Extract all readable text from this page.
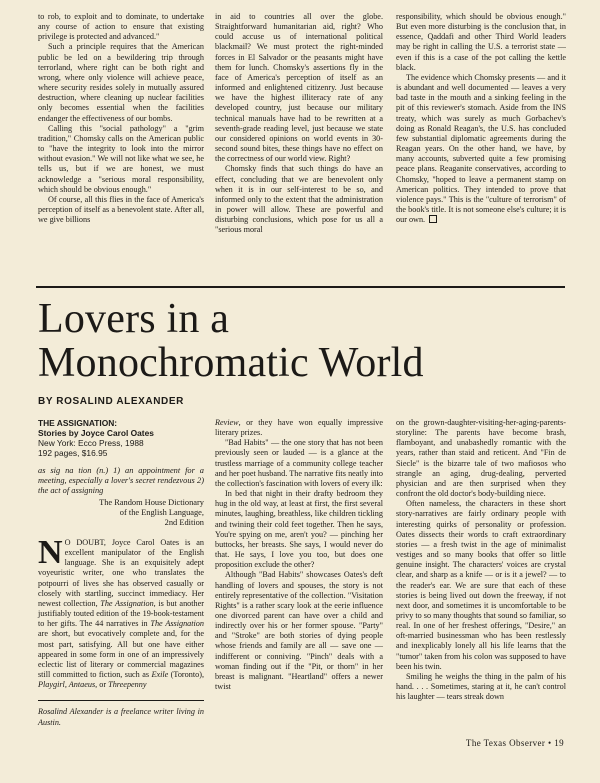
to rob, to exploit and to dominate, to undertake any course of action to ensure that existing privilege is protected and advanced."

Such a principle requires that the American public be led on a bewildering trip through terrorland, where right can be both right and wrong, where only violence will achieve peace, where security resides solely in mutually assured destruction, where cleaning up nuclear facilities only becomes essential when the facilities endanger the effectiveness of our bombs.

Calling this "social pathology" a "grim tradition," Chomsky calls on the American public to "have the integrity to look into the mirror without evasion." We will not like what we see, he tells us, but if we are honest, we must acknowledge a "serious moral responsibility, which should be obvious enough."

Of course, all this flies in the face of America's perception of itself as a benevolent state. After all, we give billions

in aid to countries all over the globe. Straightforward humanitarian aid, right? Who could accuse us of international political blackmail? We must protect the right-minded forces in El Salvador or the peasants might have them for lunch. Chomsky's assertions fly in the face of America's perception of itself as an informed and enlightened citizenry. Just because we have the highest illiteracy rate of any developed country, just because our military technical manuals have had to be rewritten at a seventh-grade reading level, just because we state our considered opinions on world events in 30-second sound bites, these things have no effect on the correctness of our world view. Right?

Chomsky finds that such things do have an effect, concluding that we are benevolent only when it is in our self-interest to be so, and informed only to the extent that the administration in power will allow. These are powerful and disturbing conclusions, which pose for us all a "serious moral

responsibility, which should be obvious enough." But even more disturbing is the conclusion that, in essence, Qaddafi and other Third World leaders may be right in calling the U.S. a terrorist state — even if this is a case of the pot calling the kettle black.

The evidence which Chomsky presents — and it is abundant and well documented — leaves a very bad taste in the mouth and a sinking feeling in the pit of this reviewer's stomach. Aside from the INS treaty, which was surely as much Gorbachev's doing as Ronald Reagan's, the U.S. has concluded few substantial diplomatic agreements during the Reagan years. On the other hand, we have, by many accounts, subverted quite a few promising peace plans. Reaganite conservatives, according to Chomsky, "hoped to leave a permanent stamp on American politics. They intended to prove that violence pays." This is the "culture of terrorism" of the book's title. It is not someone else's culture; it is our own.

Lovers in a
Monochromatic World
BY ROSALIND ALEXANDER
THE ASSIGNATION:
Stories by Joyce Carol Oates
New York: Ecco Press, 1988
192 pages, $16.95
as sig na tion (n.) 1) an appointment for a meeting, especially a lover's secret rendezvous 2) the act of assigning
The Random House Dictionary
of the English Language,
2nd Edition

N O DOUBT, Joyce Carol Oates is an excellent manipulator of the English language. She is an exquisitely adept voyeuristic writer, one who translates the potpourri of lives she has observed casually or closely with startling, succinct immediacy. Her newest collection, The Assignation, is but another justifiably touted edition of the 19-book-testament to her gifts. The 44 narratives in The Assignation are short, but evocatively complete and, for the most part, satisfying. All but one have either appeared in some form in one of an impressively eclectic list of literary or commercial magazines still committed to fiction, such as Exile (Toronto), Playgirl, Antaeus, or Threepenny

Rosalind Alexander is a freelance writer living in Austin.

Review, or they have won equally impressive literary prizes.

"Bad Habits" — the one story that has not been previously seen or lauded — is a glance at the trustless marriage of a community college teacher and her poet husband. The narrative fits neatly into the collection's fascination with lovers of every ilk:

In bed that night in their drafty bedroom they hug in the old way, at least at first, the first several minutes, laughing, breathless, like children tickling and twining their cold feet together. Then he says, You're spying on me, aren't you? — pinching her buttocks, her breasts. She says, I would never do that. He says, I love you too, but does one proposition exclude the other?

Although "Bad Habits" showcases Oates's deft handling of lovers and spouses, the story is not entirely representative of the collection. "Visitation Rights" is a rather scary look at the eerie influence one divorced parent can have over a child and indirectly over his or her former spouse. "Party" and "Stroke" are both stories of dying people whose friends and family are all — save one — indifferent or conniving. "Pinch" deals with a woman finding out if the "Pit, or thorn" in her breast is malignant. "Heartland" offers a newer twist

on the grown-daughter-visiting-her-aging-parents-storyline: The parents have become brash, flamboyant, and unabashedly romantic with the years, rather than staid and reticent. And "Fin de Siecle" is the bizarre tale of two mafiosos who strangle an aging, drug-dealing, perverted physician and are then surprised when they confront the old doctor's body-building niece.

Often nameless, the characters in these short story-narratives are fairly ordinary people with interesting quirks of personality or profession. Oates dissects their words to craft extraordinary stories — a fresh twist in the age of minimalist vestiges and so many books that offer so little genuine insight. The characters' voices are crystal clear, and sharp as a knife — or is it a jewel? — to the reader's ear. We are sure that each of these stories is being lived out down the freeway, if not next door, and sometimes it is uncomfortable to be privy to so many thoughts that sound so familiar, so real. In one of her freshest offerings, "Desire," an oft-married businessman who has been restlessly and inexplicably lonely all his life learns that the "tumor" taken from his colon was supposed to have been his twin.

Smiling he weighs the thing in the palm of his hand. . . . Sometimes, staring at it, he can't control his laughter — tears streak down

The Texas Observer • 19
